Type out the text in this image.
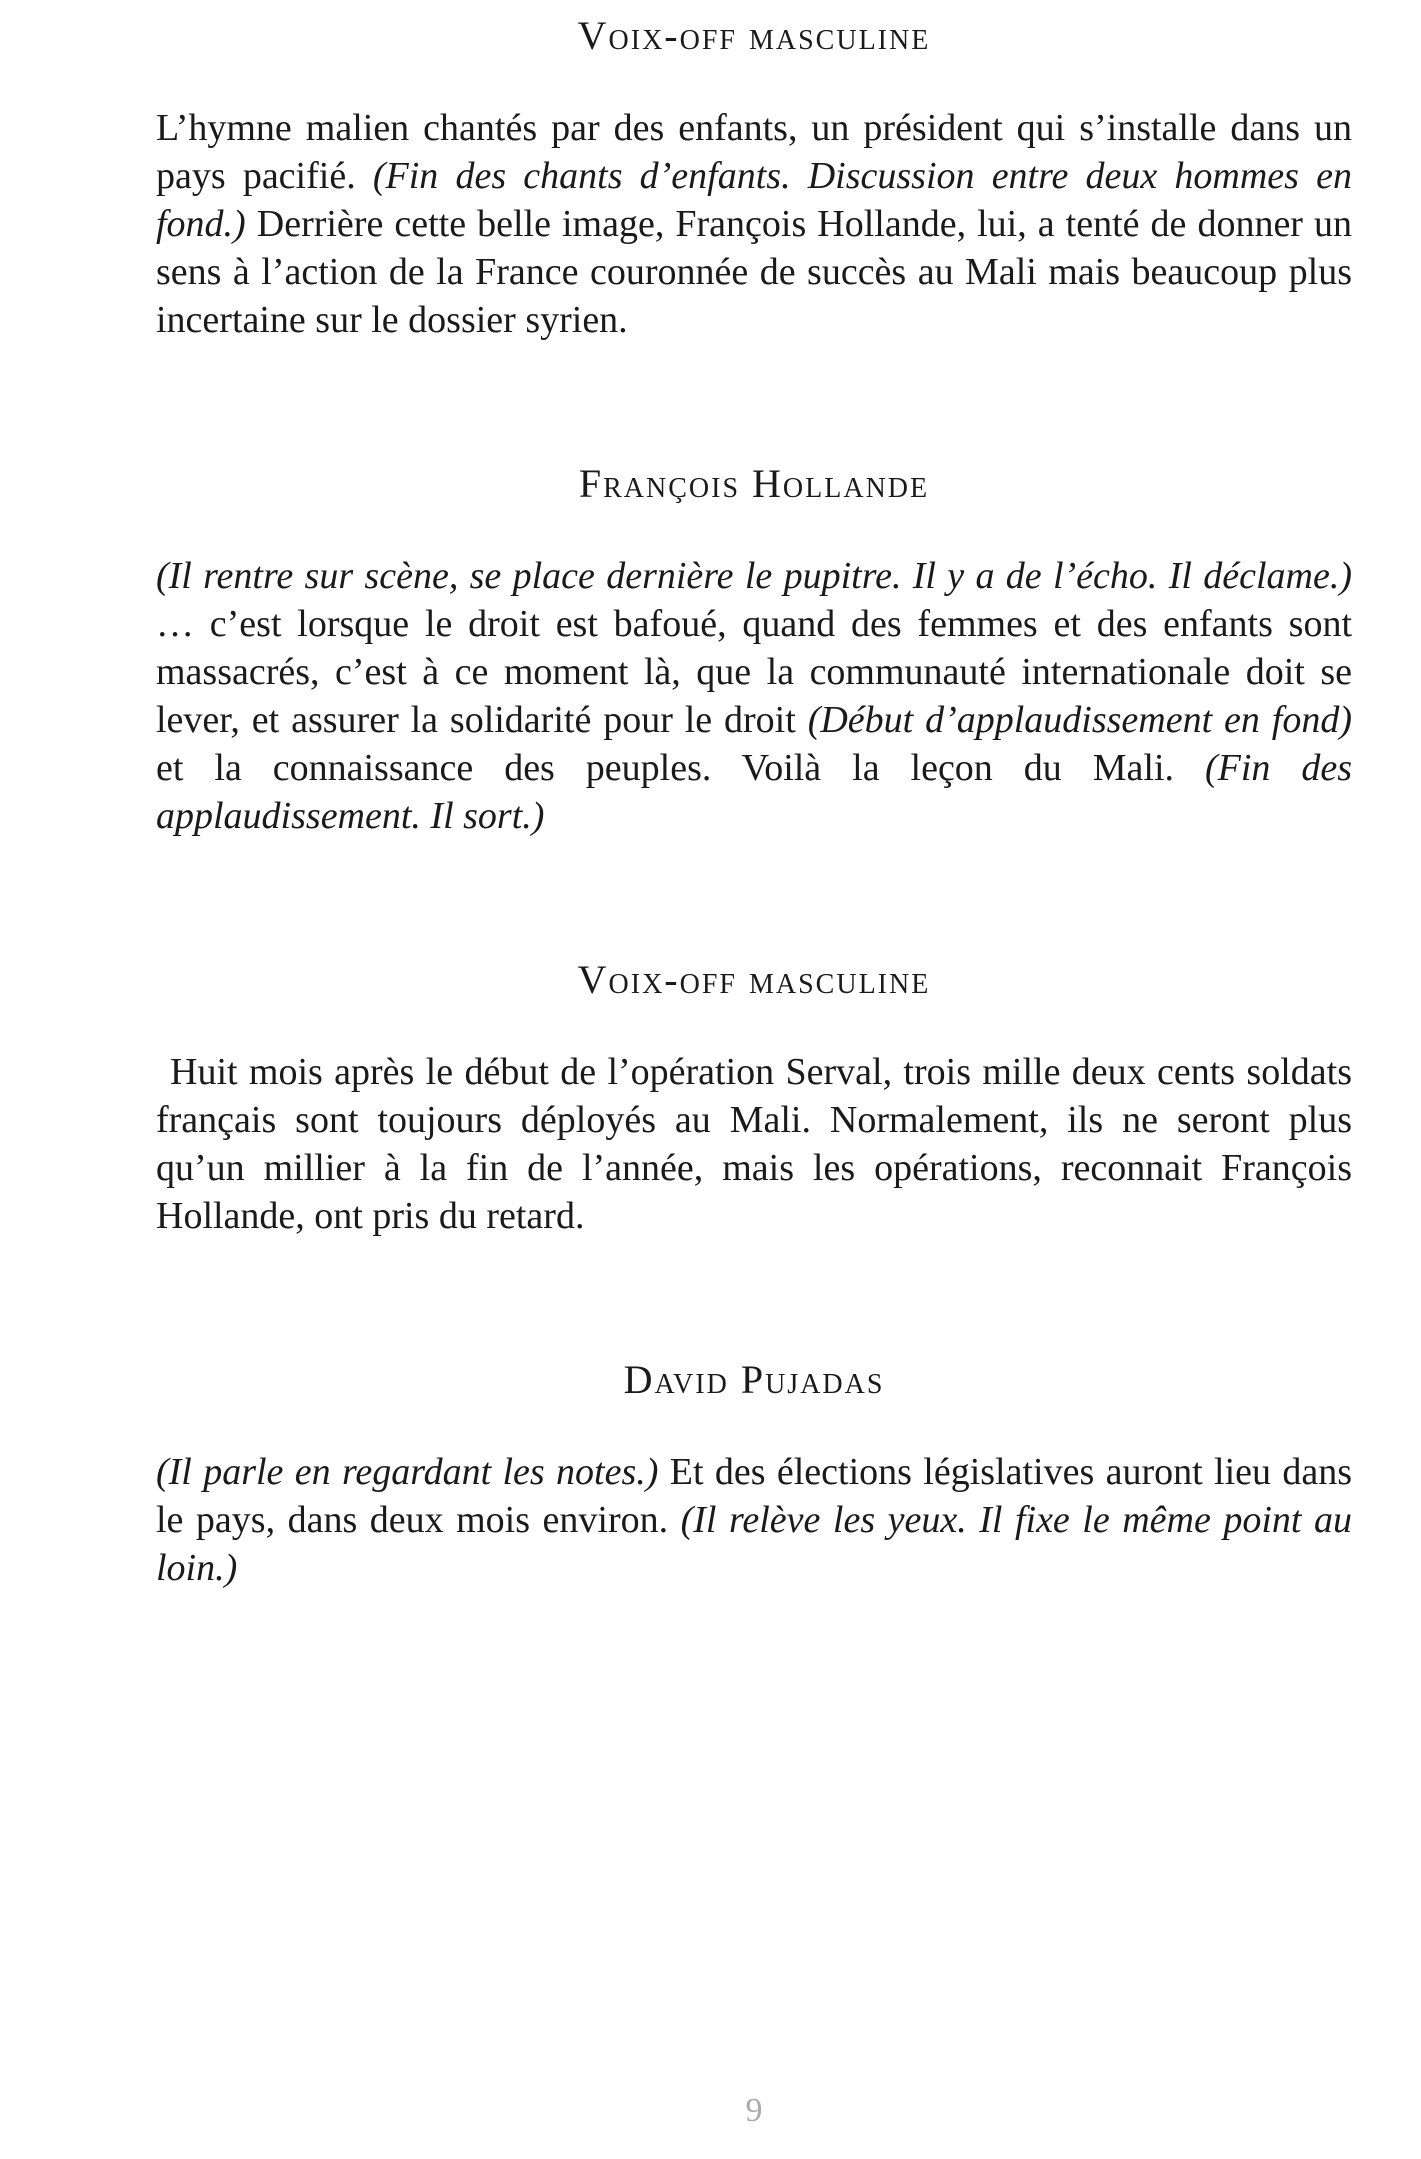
Voix-off masculine

L’hymne malien chantés par des enfants, un président qui s’installe dans un pays pacifié. (Fin des chants d’enfants. Discussion entre deux hommes en fond.) Derrière cette belle image, François Hollande, lui, a tenté de donner un sens à l’action de la France couronnée de succès au Mali mais beaucoup plus incertaine sur le dossier syrien.

François Hollande

(Il rentre sur scène, se place dernière le pupitre. Il y a de l’écho. Il déclame.) … c’est lorsque le droit est bafoué, quand des femmes et des enfants sont massacrés, c’est à ce moment là, que la communauté internationale doit se lever, et assurer la solidarité pour le droit (Début d’applaudissement en fond) et la connaissance des peuples. Voilà la leçon du Mali. (Fin des applaudissement. Il sort.)

Voix-off masculine

Huit mois après le début de l’opération Serval, trois mille deux cents soldats français sont toujours déployés au Mali. Normalement, ils ne seront plus qu’un millier à la fin de l’année, mais les opérations, reconnait François Hollande, ont pris du retard.

David Pujadas

(Il parle en regardant les notes.) Et des élections législatives auront lieu dans le pays, dans deux mois environ. (Il relève les yeux. Il fixe le même point au loin.)

9
